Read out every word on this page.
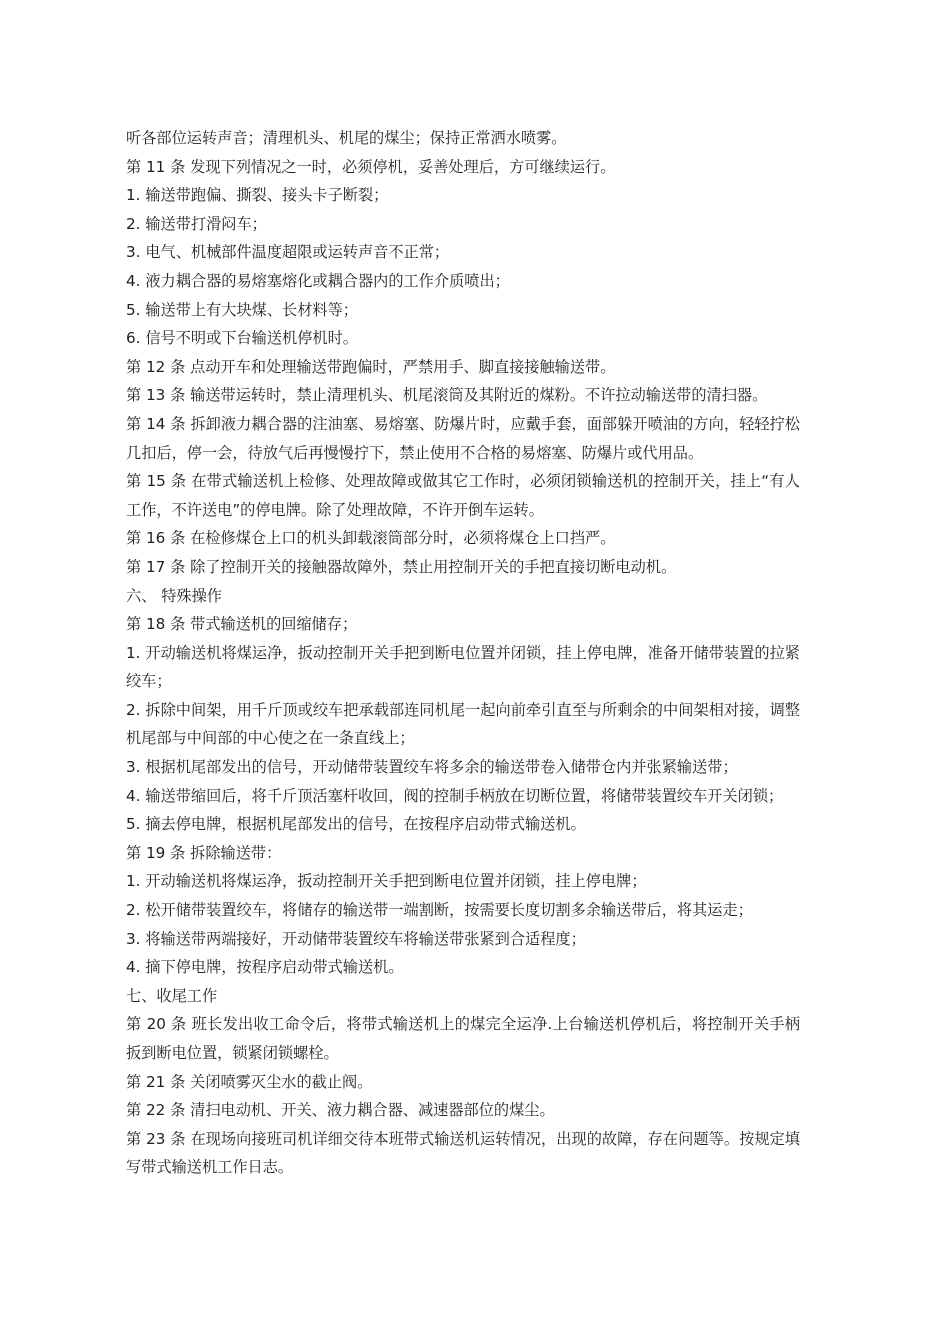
听各部位运转声音；清理机头、机尾的煤尘；保持正常洒水喷雾。

第 11 条 发现下列情况之一时，必须停机，妥善处理后，方可继续运行。

1. 输送带跑偏、撕裂、接头卡子断裂；

2. 输送带打滑闷车；

3. 电气、机械部件温度超限或运转声音不正常；

4. 液力耦合器的易熔塞熔化或耦合器内的工作介质喷出；

5. 输送带上有大块煤、长材料等；

6. 信号不明或下台输送机停机时。

第 12 条 点动开车和处理输送带跑偏时，严禁用手、脚直接接触输送带。

第 13 条 输送带运转时，禁止清理机头、机尾滚筒及其附近的煤粉。不许拉动输送带的清扫器。

第 14 条 拆卸液力耦合器的注油塞、易熔塞、防爆片时，应戴手套，面部躲开喷油的方向，轻轻拧松几扣后，停一会，待放气后再慢慢拧下，禁止使用不合格的易熔塞、防爆片或代用品。

第 15 条 在带式输送机上检修、处理故障或做其它工作时，必须闭锁输送机的控制开关，挂上“有人工作，不许送电”的停电牌。除了处理故障，不许开倒车运转。

第 16 条 在检修煤仓上口的机头卸载滚筒部分时，必须将煤仓上口挡严。

第 17 条 除了控制开关的接触器故障外，禁止用控制开关的手把直接切断电动机。

六、 特殊操作

第 18 条 带式输送机的回缩储存；

1. 开动输送机将煤运净，扳动控制开关手把到断电位置并闭锁，挂上停电牌，准备开储带装置的拉紧绞车；

2. 拆除中间架，用千斤顶或绞车把承载部连同机尾一起向前牵引直至与所剩余的中间架相对接，调整机尾部与中间部的中心使之在一条直线上；

3. 根据机尾部发出的信号，开动储带装置绞车将多余的输送带卷入储带仓内并张紧输送带；

4. 输送带缩回后，将千斤顶活塞杆收回，阀的控制手柄放在切断位置，将储带装置绞车开关闭锁；

5. 摘去停电牌，根据机尾部发出的信号，在按程序启动带式输送机。

第 19 条 拆除输送带：

1. 开动输送机将煤运净，扳动控制开关手把到断电位置并闭锁，挂上停电牌；

2. 松开储带装置绞车，将储存的输送带一端割断，按需要长度切割多余输送带后，将其运走；

3. 将输送带两端接好，开动储带装置绞车将输送带张紧到合适程度；

4. 摘下停电牌，按程序启动带式输送机。

七、收尾工作

第 20 条 班长发出收工命令后，将带式输送机上的煤完全运净.上台输送机停机后，将控制开关手柄扳到断电位置，锁紧闭锁螺栓。

第 21 条 关闭喷雾灭尘水的截止阀。

第 22 条 清扫电动机、开关、液力耦合器、减速器部位的煤尘。

第 23 条 在现场向接班司机详细交待本班带式输送机运转情况，出现的故障，存在问题等。按规定填写带式输送机工作日志。
